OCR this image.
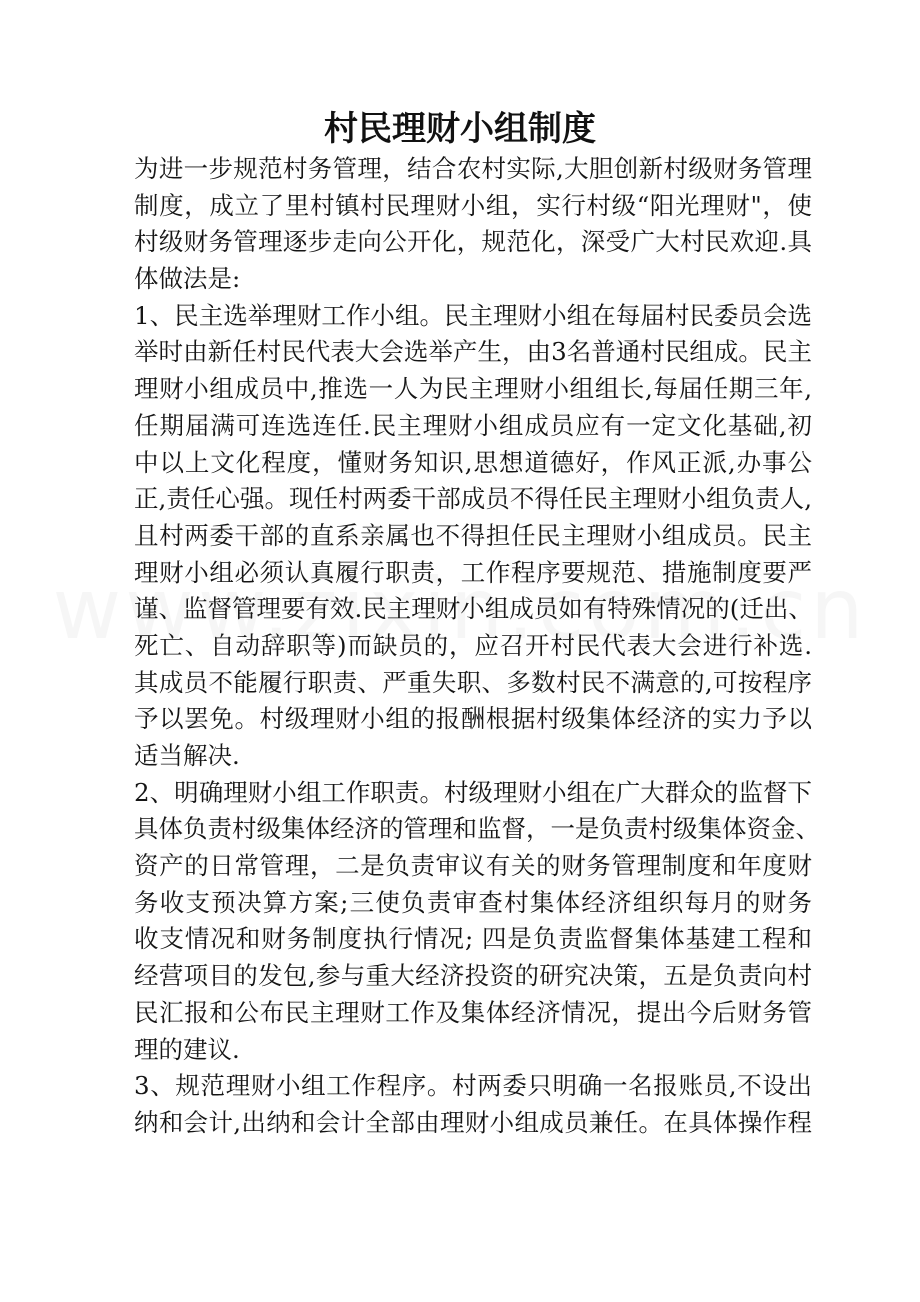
村民理财小组制度
为进一步规范村务管理，结合农村实际,大胆创新村级财务管理
制度，成立了里村镇村民理财小组，实行村级“阳光理财"，使
村级财务管理逐步走向公开化，规范化，深受广大村民欢迎.具
体做法是:
1、民主选举理财工作小组。民主理财小组在每届村民委员会选
举时由新任村民代表大会选举产生，由3名普通村民组成。民主
理财小组成员中,推选一人为民主理财小组组长,每届任期三年,
任期届满可连选连任.民主理财小组成员应有一定文化基础,初
中以上文化程度，懂财务知识,思想道德好，作风正派,办事公
正,责任心强。现任村两委干部成员不得任民主理财小组负责人,
且村两委干部的直系亲属也不得担任民主理财小组成员。民主
理财小组必须认真履行职责，工作程序要规范、措施制度要严
谨、监督管理要有效.民主理财小组成员如有特殊情况的(迁出、
死亡、自动辞职等)而缺员的，应召开村民代表大会进行补选.
其成员不能履行职责、严重失职、多数村民不满意的,可按程序
予以罢免。村级理财小组的报酬根据村级集体经济的实力予以
适当解决.
2、明确理财小组工作职责。村级理财小组在广大群众的监督下
具体负责村级集体经济的管理和监督，一是负责村级集体资金、
资产的日常管理，二是负责审议有关的财务管理制度和年度财
务收支预决算方案;三使负责审查村集体经济组织每月的财务
收支情况和财务制度执行情况; 四是负责监督集体基建工程和
经营项目的发包,参与重大经济投资的研究决策，五是负责向村
民汇报和公布民主理财工作及集体经济情况，提出今后财务管
理的建议.
3、规范理财小组工作程序。村两委只明确一名报账员,不设出
纳和会计,出纳和会计全部由理财小组成员兼任。在具体操作程
